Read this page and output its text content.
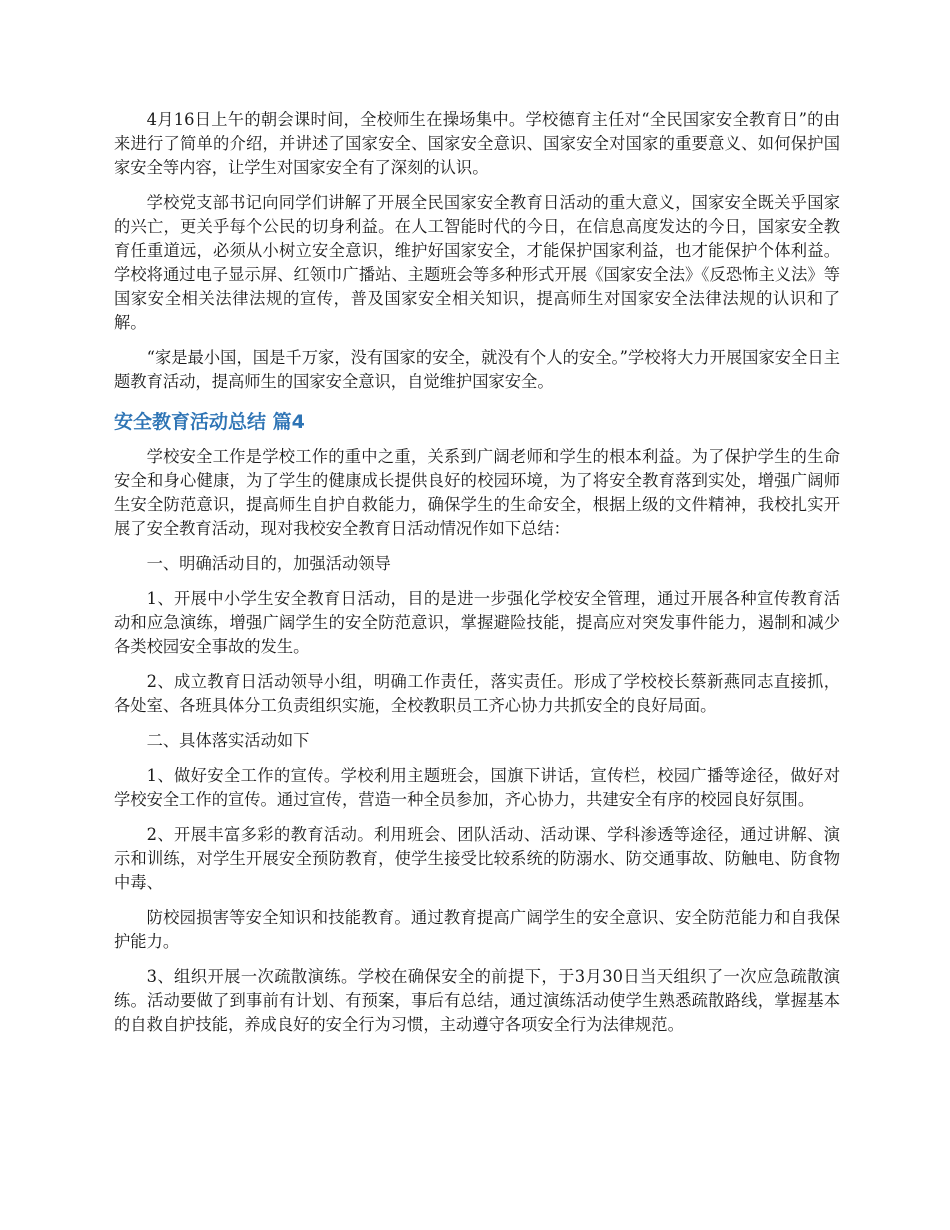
4月16日上午的朝会课时间，全校师生在操场集中。学校德育主任对“全民国家安全教育日”的由来进行了简单的介绍，并讲述了国家安全、国家安全意识、国家安全对国家的重要意义、如何保护国家安全等内容，让学生对国家安全有了深刻的认识。

学校党支部书记向同学们讲解了开展全民国家安全教育日活动的重大意义，国家安全既关乎国家的兴亡，更关乎每个公民的切身利益。在人工智能时代的今日，在信息高度发达的今日，国家安全教育任重道远，必须从小树立安全意识，维护好国家安全，才能保护国家利益，也才能保护个体利益。学校将通过电子显示屏、红领巾广播站、主题班会等多种形式开展《国家安全法》《反恐怖主义法》等国家安全相关法律法规的宣传，普及国家安全相关知识，提高师生对国家安全法律法规的认识和了解。

“家是最小国，国是千万家，没有国家的安全，就没有个人的安全。”学校将大力开展国家安全日主题教育活动，提高师生的国家安全意识，自觉维护国家安全。

安全教育活动总结 篇4

学校安全工作是学校工作的重中之重，关系到广阔老师和学生的根本利益。为了保护学生的生命安全和身心健康，为了学生的健康成长提供良好的校园环境，为了将安全教育落到实处，增强广阔师生安全防范意识，提高师生自护自救能力，确保学生的生命安全，根据上级的文件精神，我校扎实开展了安全教育活动，现对我校安全教育日活动情况作如下总结：

一、明确活动目的，加强活动领导

1、开展中小学生安全教育日活动，目的是进一步强化学校安全管理，通过开展各种宣传教育活动和应急演练，增强广阔学生的安全防范意识，掌握避险技能，提高应对突发事件能力，遏制和减少各类校园安全事故的发生。

2、成立教育日活动领导小组，明确工作责任，落实责任。形成了学校校长蔡新燕同志直接抓，各处室、各班具体分工负责组织实施，全校教职员工齐心协力共抓安全的良好局面。

二、具体落实活动如下

1、做好安全工作的宣传。学校利用主题班会，国旗下讲话，宣传栏，校园广播等途径，做好对学校安全工作的宣传。通过宣传，营造一种全员参加，齐心协力，共建安全有序的校园良好氛围。

2、开展丰富多彩的教育活动。利用班会、团队活动、活动课、学科渗透等途径，通过讲解、演示和训练，对学生开展安全预防教育，使学生接受比较系统的防溺水、防交通事故、防触电、防食物中毒、

防校园损害等安全知识和技能教育。通过教育提高广阔学生的安全意识、安全防范能力和自我保护能力。

3、组织开展一次疏散演练。学校在确保安全的前提下，于3月30日当天组织了一次应急疏散演练。活动要做了到事前有计划、有预案，事后有总结，通过演练活动使学生熟悉疏散路线，掌握基本的自救自护技能，养成良好的安全行为习惯，主动遵守各项安全行为法律规范。
